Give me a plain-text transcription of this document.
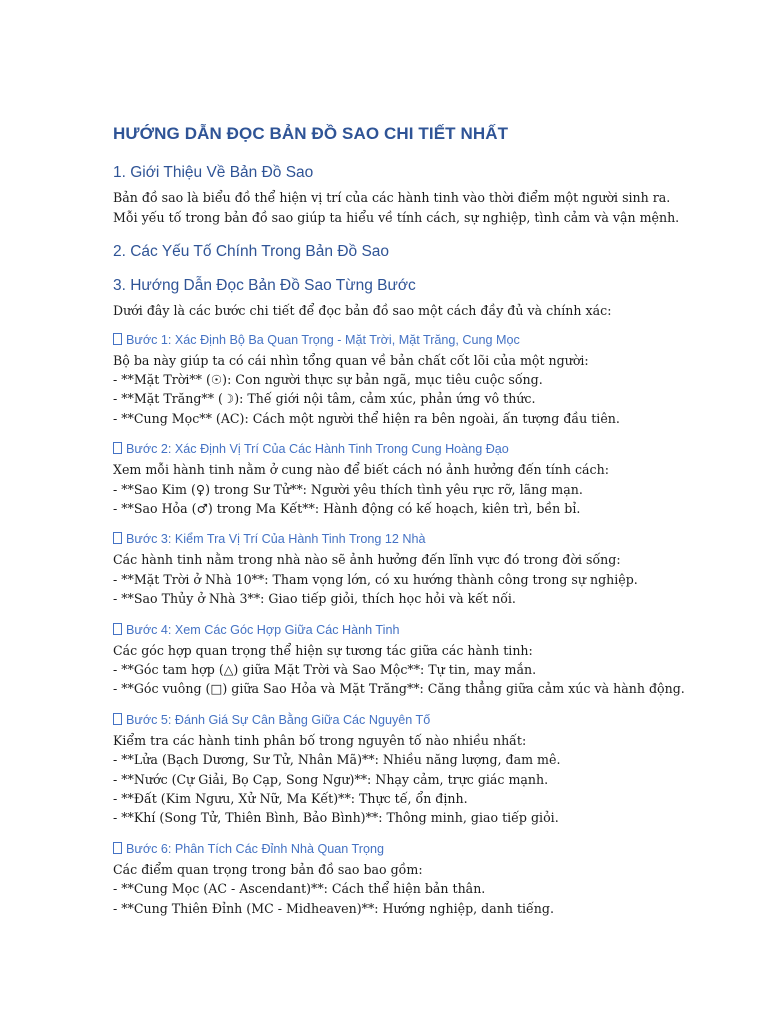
HƯỚNG DẪN ĐỌC BẢN ĐỒ SAO CHI TIẾT NHẤT
1. Giới Thiệu Về Bản Đồ Sao

Bản đồ sao là biểu đồ thể hiện vị trí của các hành tinh vào thời điểm một người sinh ra.

Mỗi yếu tố trong bản đồ sao giúp ta hiểu về tính cách, sự nghiệp, tình cảm và vận mệnh.

2. Các Yếu Tố Chính Trong Bản Đồ Sao
3. Hướng Dẫn Đọc Bản Đồ Sao Từng Bước

Dưới đây là các bước chi tiết để đọc bản đồ sao một cách đầy đủ và chính xác:

Bước 1: Xác Định Bộ Ba Quan Trọng - Mặt Trời, Mặt Trăng, Cung Mọc

Bộ ba này giúp ta có cái nhìn tổng quan về bản chất cốt lõi của một người:

- **Mặt Trời** (☉): Con người thực sự bản ngã, mục tiêu cuộc sống.

- **Mặt Trăng** (☽): Thế giới nội tâm, cảm xúc, phản ứng vô thức.

- **Cung Mọc** (AC): Cách một người thể hiện ra bên ngoài, ấn tượng đầu tiên.

Bước 2: Xác Định Vị Trí Của Các Hành Tinh Trong Cung Hoàng Đạo

Xem mỗi hành tinh nằm ở cung nào để biết cách nó ảnh hưởng đến tính cách:

- **Sao Kim (♀) trong Sư Tử**: Người yêu thích tình yêu rực rỡ, lãng mạn.

- **Sao Hỏa (♂) trong Ma Kết**: Hành động có kế hoạch, kiên trì, bền bỉ.

Bước 3: Kiểm Tra Vị Trí Của Hành Tinh Trong 12 Nhà

Các hành tinh nằm trong nhà nào sẽ ảnh hưởng đến lĩnh vực đó trong đời sống:

- **Mặt Trời ở Nhà 10**: Tham vọng lớn, có xu hướng thành công trong sự nghiệp.

- **Sao Thủy ở Nhà 3**: Giao tiếp giỏi, thích học hỏi và kết nối.

Bước 4: Xem Các Góc Hợp Giữa Các Hành Tinh

Các góc hợp quan trọng thể hiện sự tương tác giữa các hành tinh:

- **Góc tam hợp (△) giữa Mặt Trời và Sao Mộc**: Tự tin, may mắn.

- **Góc vuông (□) giữa Sao Hỏa và Mặt Trăng**: Căng thẳng giữa cảm xúc và hành động.

Bước 5: Đánh Giá Sự Cân Bằng Giữa Các Nguyên Tố

Kiểm tra các hành tinh phân bố trong nguyên tố nào nhiều nhất:

- **Lửa (Bạch Dương, Sư Tử, Nhân Mã)**: Nhiều năng lượng, đam mê.

- **Nước (Cự Giải, Bọ Cạp, Song Ngư)**: Nhạy cảm, trực giác mạnh.

- **Đất (Kim Ngưu, Xử Nữ, Ma Kết)**: Thực tế, ổn định.

- **Khí (Song Tử, Thiên Bình, Bảo Bình)**: Thông minh, giao tiếp giỏi.

Bước 6: Phân Tích Các Đỉnh Nhà Quan Trọng

Các điểm quan trọng trong bản đồ sao bao gồm:

- **Cung Mọc (AC - Ascendant)**: Cách thể hiện bản thân.

- **Cung Thiên Đỉnh (MC - Midheaven)**: Hướng nghiệp, danh tiếng.
